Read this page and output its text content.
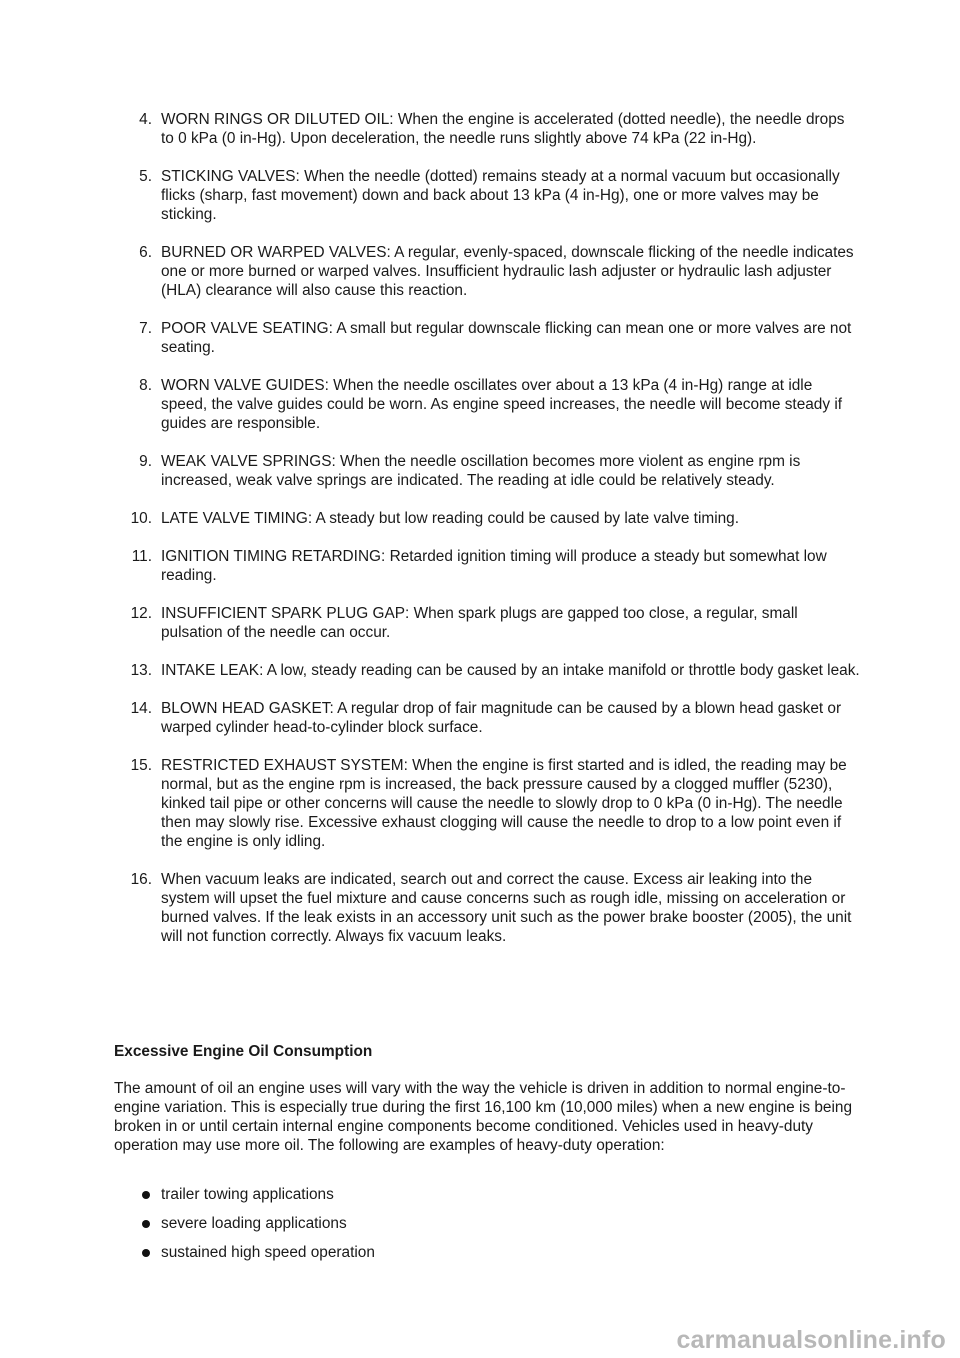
4. WORN RINGS OR DILUTED OIL: When the engine is accelerated (dotted needle), the needle drops to 0 kPa (0 in-Hg). Upon deceleration, the needle runs slightly above 74 kPa (22 in-Hg).
5. STICKING VALVES: When the needle (dotted) remains steady at a normal vacuum but occasionally flicks (sharp, fast movement) down and back about 13 kPa (4 in-Hg), one or more valves may be sticking.
6. BURNED OR WARPED VALVES: A regular, evenly-spaced, downscale flicking of the needle indicates one or more burned or warped valves. Insufficient hydraulic lash adjuster or hydraulic lash adjuster (HLA) clearance will also cause this reaction.
7. POOR VALVE SEATING: A small but regular downscale flicking can mean one or more valves are not seating.
8. WORN VALVE GUIDES: When the needle oscillates over about a 13 kPa (4 in-Hg) range at idle speed, the valve guides could be worn. As engine speed increases, the needle will become steady if guides are responsible.
9. WEAK VALVE SPRINGS: When the needle oscillation becomes more violent as engine rpm is increased, weak valve springs are indicated. The reading at idle could be relatively steady.
10. LATE VALVE TIMING: A steady but low reading could be caused by late valve timing.
11. IGNITION TIMING RETARDING: Retarded ignition timing will produce a steady but somewhat low reading.
12. INSUFFICIENT SPARK PLUG GAP: When spark plugs are gapped too close, a regular, small pulsation of the needle can occur.
13. INTAKE LEAK: A low, steady reading can be caused by an intake manifold or throttle body gasket leak.
14. BLOWN HEAD GASKET: A regular drop of fair magnitude can be caused by a blown head gasket or warped cylinder head-to-cylinder block surface.
15. RESTRICTED EXHAUST SYSTEM: When the engine is first started and is idled, the reading may be normal, but as the engine rpm is increased, the back pressure caused by a clogged muffler (5230), kinked tail pipe or other concerns will cause the needle to slowly drop to 0 kPa (0 in-Hg). The needle then may slowly rise. Excessive exhaust clogging will cause the needle to drop to a low point even if the engine is only idling.
16. When vacuum leaks are indicated, search out and correct the cause. Excess air leaking into the system will upset the fuel mixture and cause concerns such as rough idle, missing on acceleration or burned valves. If the leak exists in an accessory unit such as the power brake booster (2005), the unit will not function correctly. Always fix vacuum leaks.
Excessive Engine Oil Consumption

The amount of oil an engine uses will vary with the way the vehicle is driven in addition to normal engine-to-engine variation. This is especially true during the first 16,100 km (10,000 miles) when a new engine is being broken in or until certain internal engine components become conditioned. Vehicles used in heavy-duty operation may use more oil. The following are examples of heavy-duty operation:

trailer towing applications
severe loading applications
sustained high speed operation
carmanualsonline.info
